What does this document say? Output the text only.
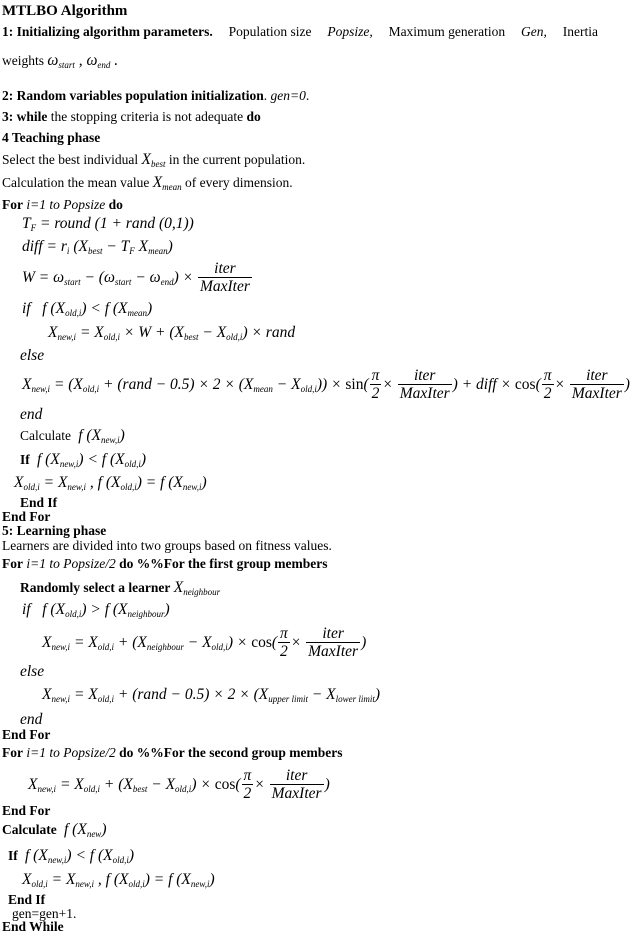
MTLBO Algorithm
1: Initializing algorithm parameters. Population size Popsize, Maximum generation Gen, Inertia
weights $\omega_{start}$ , $\omega_{end}$ .
2: Random variables population initialization. gen=0.
3: while the stopping criteria is not adequate do
4 Teaching phase
Select the best individual $X_{best}$ in the current population.
Calculation the mean value $X_{mean}$ of every dimension.
For i=1 to Popsize do
$T_F$ = round (1 + rand (0,1))
diff = $r_i$ ($X_{best} - T_F$ $X_{mean}$)
$W = \omega_{start} - (\omega_{start} - \omega_{end}) \times \frac{\text{iter}}{\text{MaxIter}}$
if   f $(X_{old,i}) < f$ $(X_{mean})$
$X_{new,i} = X_{old,i} \times W + (X_{best} - X_{old,i})$ × rand
else
$X_{new,i} = (X_{old,i}$ + (rand − $0.5) \times 2 \times (X_{mean} - X_{old,i})) \times \sin( \frac{\pi}{2} \times \frac{\text{iter}}{\text{MaxIter}}$ ) + diff × $\cos( \frac{\pi}{2} \times \frac{\text{iter}}{\text{MaxIter}}$ )
end
Calculate  f $(X_{new,i})$
If  f $(X_{new,i}) < f$ $(X_{old,i})$
$X_{old,i} = X_{new,i}$ , f $(X_{old,i}) = f$ $(X_{new,i})$
End If
End For
5: Learning phase
Learners are divided into two groups based on fitness values.
For i=1 to Popsize/2 do %%For the first group members
Randomly select a learner $X_{neighbour}$
if   f $(X_{old,i}) > f$ $(X_{neighbour})$
$X_{new,i} = X_{old,i} + (X_{neighbour} - X_{old,i}) \times \cos( \frac{\pi}{2} \times \frac{\text{iter}}{\text{MaxIter}}$ )
else
$X_{new,i} = X_{old,i}$ + (rand − $0.5) \times 2 \times (X_{upper limit} - X_{lower limit})$
end
End For
For i=1 to Popsize/2 do %%For the second group members
$X_{new,i} = X_{old,i} + (X_{best} - X_{old,i}) \times \cos( \frac{\pi}{2} \times \frac{\text{iter}}{\text{MaxIter}}$ )
End For
Calculate  f $(X_{new})$
If  f $(X_{new,i}) < f$ $(X_{old,i})$
$X_{old,i} = X_{new,i}$ , f $(X_{old,i}) = f$ $(X_{new,i})$
End If
gen=gen+1.
End While
